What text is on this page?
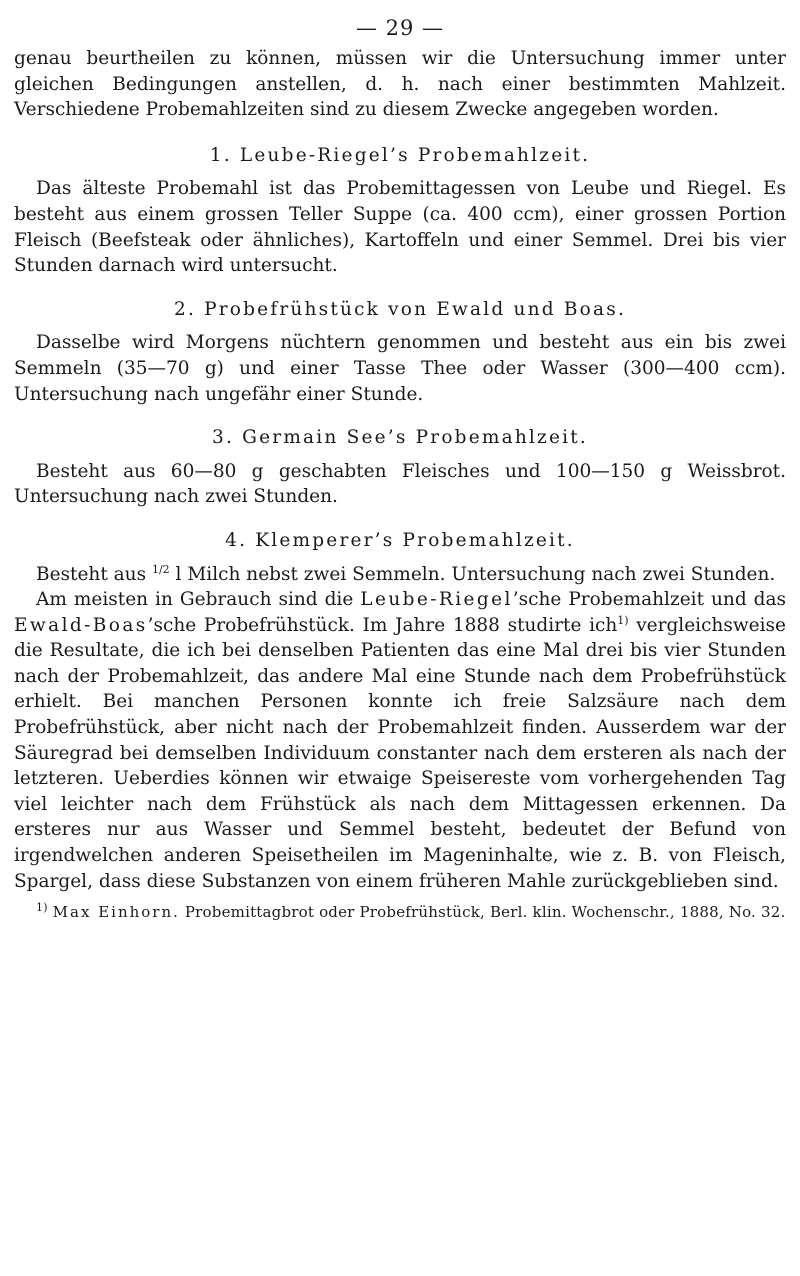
— 29 —

genau beurtheilen zu können, müssen wir die Untersuchung immer unter gleichen Bedingungen anstellen, d. h. nach einer bestimmten Mahlzeit. Verschiedene Probemahlzeiten sind zu diesem Zwecke angegeben worden.

1. Leube-Riegel’s Probemahlzeit.

Das älteste Probemahl ist das Probemittagessen von Leube und Riegel. Es besteht aus einem grossen Teller Suppe (ca. 400 ccm), einer grossen Portion Fleisch (Beefsteak oder ähnliches), Kartoffeln und einer Semmel. Drei bis vier Stunden darnach wird untersucht.

2. Probefrühstück von Ewald und Boas.

Dasselbe wird Morgens nüchtern genommen und besteht aus ein bis zwei Semmeln (35—70 g) und einer Tasse Thee oder Wasser (300—400 ccm). Untersuchung nach ungefähr einer Stunde.

3. Germain See’s Probemahlzeit.

Besteht aus 60—80 g geschabten Fleisches und 100—150 g Weissbrot. Untersuchung nach zwei Stunden.

4. Klemperer’s Probemahlzeit.

Besteht aus $^{1/2}$ l Milch nebst zwei Semmeln. Untersuchung nach zwei Stunden.

Am meisten in Gebrauch sind die Leube-Riegel’sche Probemahlzeit und das Ewald-Boas’sche Probefrühstück. Im Jahre 1888 studirte ich$^{1)}$ vergleichsweise die Resultate, die ich bei denselben Patienten das eine Mal drei bis vier Stunden nach der Probemahlzeit, das andere Mal eine Stunde nach dem Probefrühstück erhielt. Bei manchen Personen konnte ich freie Salzsäure nach dem Probefrühstück, aber nicht nach der Probemahlzeit finden. Ausserdem war der Säuregrad bei demselben Individuum constanter nach dem ersteren als nach der letzteren. Ueberdies können wir etwaige Speisereste vom vorhergehenden Tag viel leichter nach dem Frühstück als nach dem Mittagessen erkennen. Da ersteres nur aus Wasser und Semmel besteht, bedeutet der Befund von irgendwelchen anderen Speisetheilen im Mageninhalte, wie z. B. von Fleisch, Spargel, dass diese Substanzen von einem früheren Mahle zurückgeblieben sind.

$^{1)}$ Max Einhorn. Probemittagbrot oder Probefrühstück, Berl. klin. Wochenschr., 1888, No. 32.
